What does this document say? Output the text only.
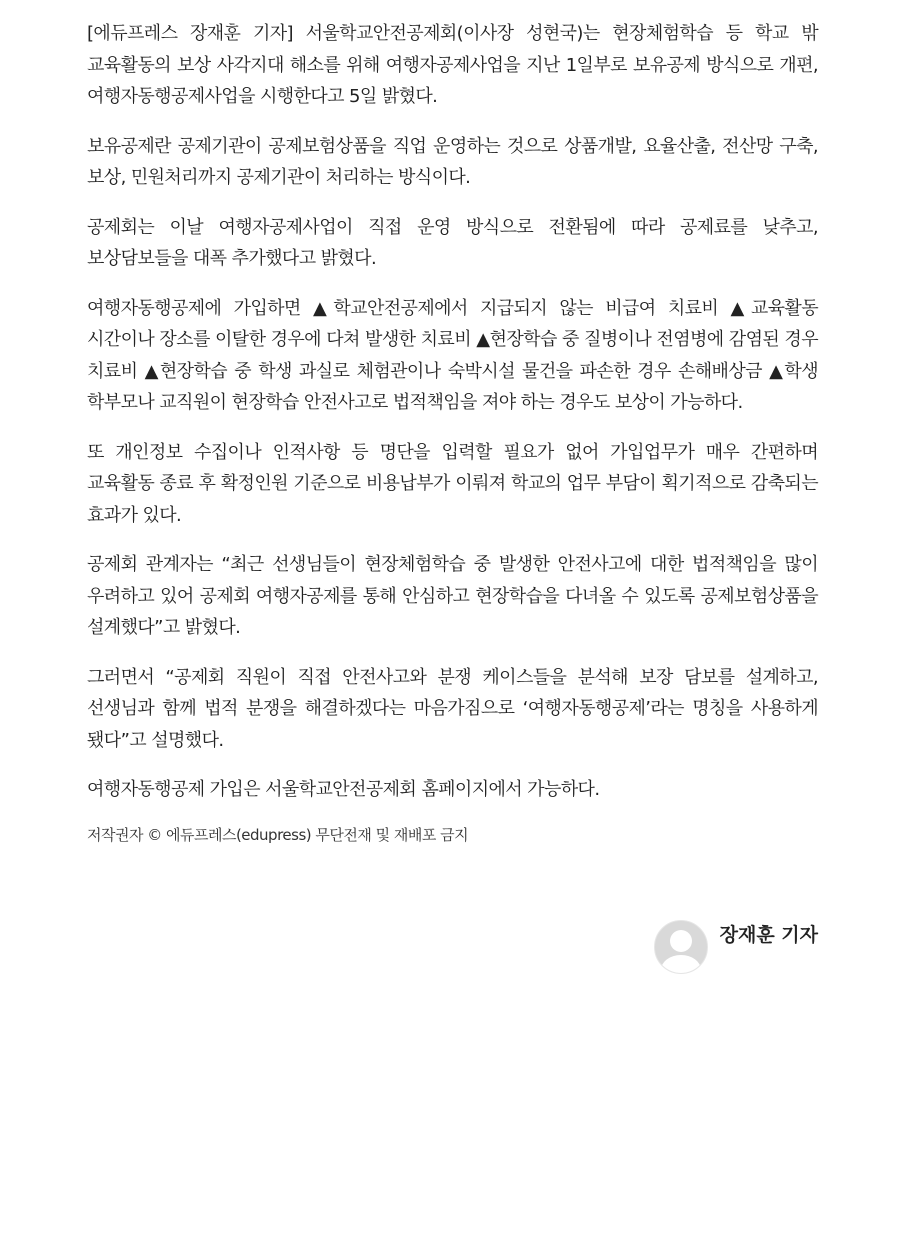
[에듀프레스 장재훈 기자] 서울학교안전공제회(이사장 성현국)는 현장체험학습 등 학교 밖 교육활동의 보상 사각지대 해소를 위해 여행자공제사업을 지난 1일부로 보유공제 방식으로 개편, 여행자동행공제사업을 시행한다고 5일 밝혔다.

보유공제란 공제기관이 공제보험상품을 직업 운영하는 것으로 상품개발, 요율산출, 전산망 구축, 보상, 민원처리까지 공제기관이 처리하는 방식이다.

공제회는 이날 여행자공제사업이 직접 운영 방식으로 전환됨에 따라 공제료를 낮추고, 보상담보들을 대폭 추가했다고 밝혔다.

여행자동행공제에 가입하면 ▲학교안전공제에서 지급되지 않는 비급여 치료비 ▲교육활동 시간이나 장소를 이탈한 경우에 다쳐 발생한 치료비 ▲현장학습 중 질병이나 전염병에 감염된 경우 치료비 ▲현장학습 중 학생 과실로 체험관이나 숙박시설 물건을 파손한 경우 손해배상금 ▲학생 학부모나 교직원이 현장학습 안전사고로 법적책임을 져야 하는 경우도 보상이 가능하다.

또 개인정보 수집이나 인적사항 등 명단을 입력할 필요가 없어 가입업무가 매우 간편하며 교육활동 종료 후 확정인원 기준으로 비용납부가 이뤄져 학교의 업무 부담이 획기적으로 감축되는 효과가 있다.

공제회 관계자는 “최근 선생님들이 현장체험학습 중 발생한 안전사고에 대한 법적책임을 많이 우려하고 있어 공제회 여행자공제를 통해 안심하고 현장학습을 다녀올 수 있도록 공제보험상품을 설계했다”고 밝혔다.

그러면서 “공제회 직원이 직접 안전사고와 분쟁 케이스들을 분석해 보장 담보를 설계하고, 선생님과 함께 법적 분쟁을 해결하겠다는 마음가짐으로 ‘여행자동행공제’라는 명칭을 사용하게 됐다”고 설명했다.

여행자동행공제 가입은 서울학교안전공제회 홈페이지에서 가능하다.

저작권자 © 에듀프레스(edupress) 무단전재 및 재배포 금지

장재훈 기자
